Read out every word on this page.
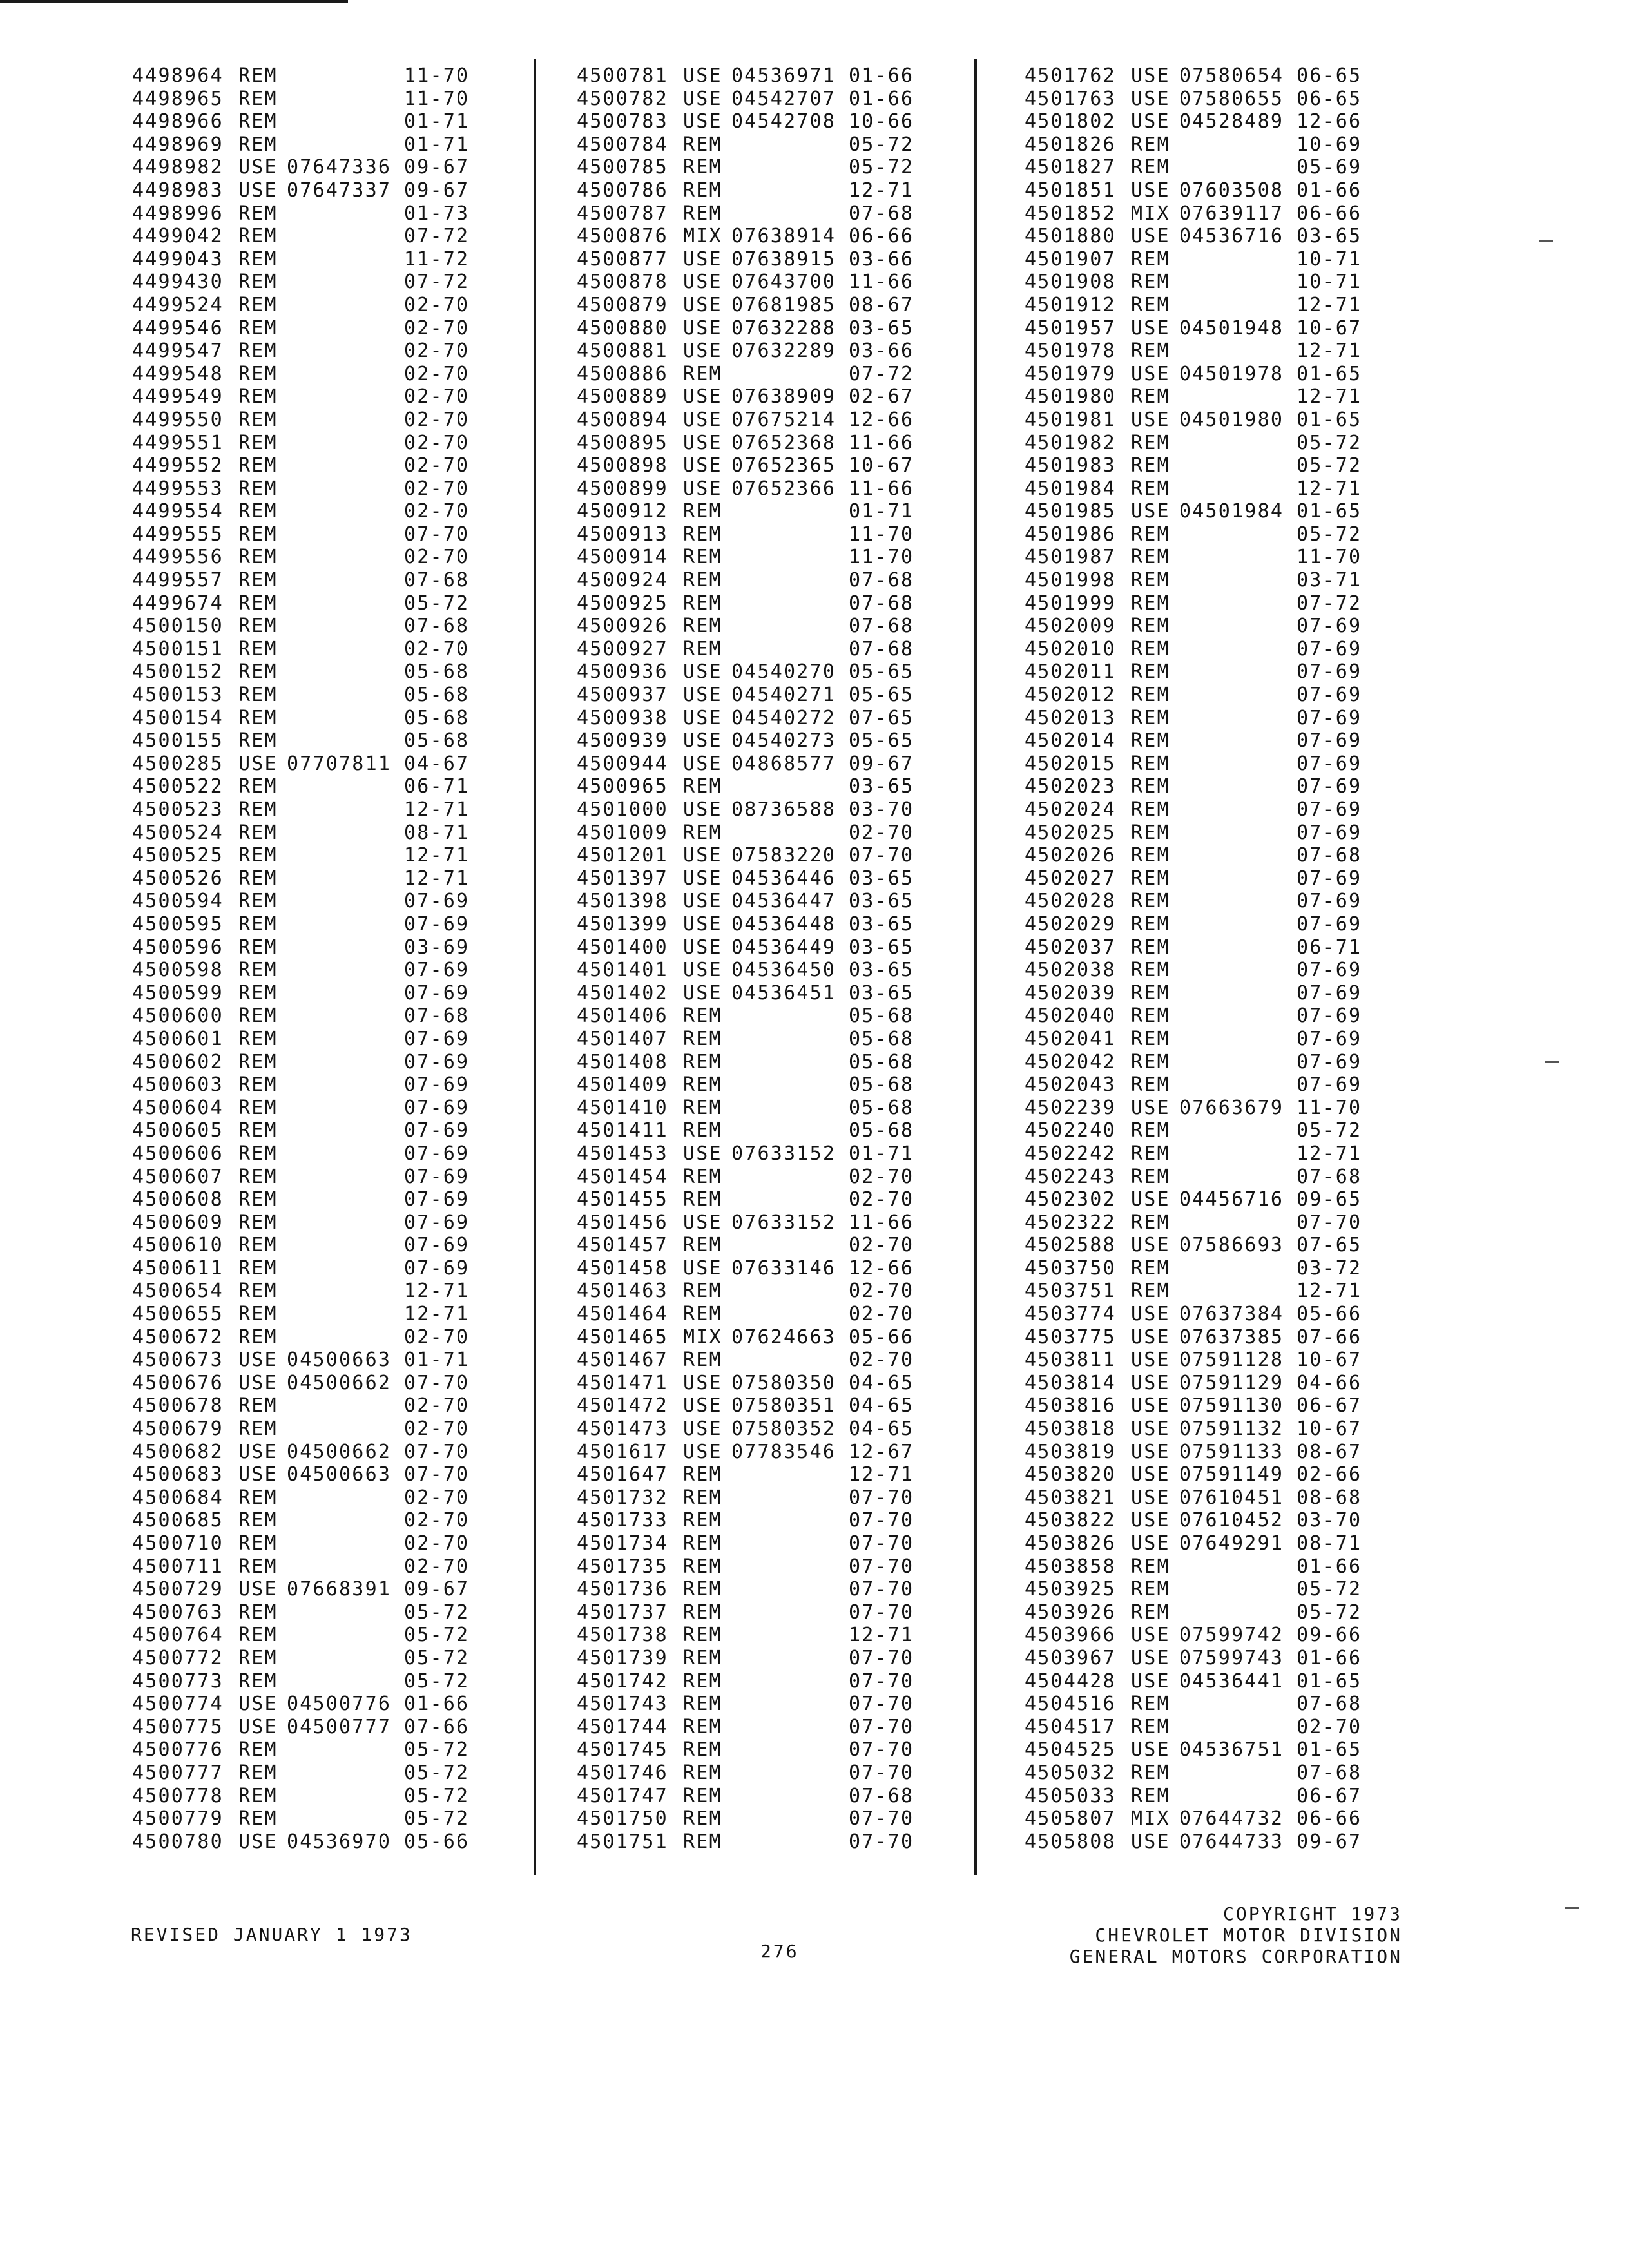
4498964 REM	11-70
4498965 REM	11-70
4498966 REM	01-71
4498969 REM	01-71
4498982 USE 07647336 09-67
4498983 USE 07647337 09-67
4498996 REM	01-73
4499042 REM	07-72
4499043 REM	11-72
4499430 REM	07-72
4499524 REM	02-70
4499546 REM	02-70
4499547 REM	02-70
4499548 REM	02-70
4499549 REM	02-70
4499550 REM	02-70
4499551 REM	02-70
4499552 REM	02-70
4499553 REM	02-70
4499554 REM	02-70
4499555 REM	07-70
4499556 REM	02-70
4499557 REM	07-68
4499674 REM	05-72
4500150 REM	07-68
4500151 REM	02-70
4500152 REM	05-68
4500153 REM	05-68
4500154 REM	05-68
4500155 REM	05-68
4500285 USE 07707811 04-67
4500522 REM	06-71
4500523 REM	12-71
4500524 REM	08-71
4500525 REM	12-71
4500526 REM	12-71
4500594 REM	07-69
4500595 REM	07-69
4500596 REM	03-69
4500598 REM	07-69
4500599 REM	07-69
4500600 REM	07-68
4500601 REM	07-69
4500602 REM	07-69
4500603 REM	07-69
4500604 REM	07-69
4500605 REM	07-69
4500606 REM	07-69
4500607 REM	07-69
4500608 REM	07-69
4500609 REM	07-69
4500610 REM	07-69
4500611 REM	07-69
4500654 REM	12-71
4500655 REM	12-71
4500672 REM	02-70
4500673 USE 04500663 01-71
4500676 USE 04500662 07-70
4500678 REM	02-70
4500679 REM	02-70
4500682 USE 04500662 07-70
4500683 USE 04500663 07-70
4500684 REM	02-70
4500685 REM	02-70
4500710 REM	02-70
4500711 REM	02-70
4500729 USE 07668391 09-67
4500763 REM	05-72
4500764 REM	05-72
4500772 REM	05-72
4500773 REM	05-72
4500774 USE 04500776 01-66
4500775 USE 04500777 07-66
4500776 REM	05-72
4500777 REM	05-72
4500778 REM	05-72
4500779 REM	05-72
4500780 USE 04536970 05-66
4500781 USE 04536971 01-66
4500782 USE 04542707 01-66
4500783 USE 04542708 10-66
4500784 REM	05-72
4500785 REM	05-72
4500786 REM	12-71
4500787 REM	07-68
4500876 MIX 07638914 06-66
4500877 USE 07638915 03-66
4500878 USE 07643700 11-66
4500879 USE 07681985 08-67
4500880 USE 07632288 03-65
4500881 USE 07632289 03-66
4500886 REM	07-72
4500889 USE 07638909 02-67
4500894 USE 07675214 12-66
4500895 USE 07652368 11-66
4500898 USE 07652365 10-67
4500899 USE 07652366 11-66
4500912 REM	01-71
4500913 REM	11-70
4500914 REM	11-70
4500924 REM	07-68
4500925 REM	07-68
4500926 REM	07-68
4500927 REM	07-68
4500936 USE 04540270 05-65
4500937 USE 04540271 05-65
4500938 USE 04540272 07-65
4500939 USE 04540273 05-65
4500944 USE 04868577 09-67
4500965 REM	03-65
4501000 USE 08736588 03-70
4501009 REM	02-70
4501201 USE 07583220 07-70
4501397 USE 04536446 03-65
4501398 USE 04536447 03-65
4501399 USE 04536448 03-65
4501400 USE 04536449 03-65
4501401 USE 04536450 03-65
4501402 USE 04536451 03-65
4501406 REM	05-68
4501407 REM	05-68
4501408 REM	05-68
4501409 REM	05-68
4501410 REM	05-68
4501411 REM	05-68
4501453 USE 07633152 01-71
4501454 REM	02-70
4501455 REM	02-70
4501456 USE 07633152 11-66
4501457 REM	02-70
4501458 USE 07633146 12-66
4501463 REM	02-70
4501464 REM	02-70
4501465 MIX 07624663 05-66
4501467 REM	02-70
4501471 USE 07580350 04-65
4501472 USE 07580351 04-65
4501473 USE 07580352 04-65
4501617 USE 07783546 12-67
4501647 REM	12-71
4501732 REM	07-70
4501733 REM	07-70
4501734 REM	07-70
4501735 REM	07-70
4501736 REM	07-70
4501737 REM	07-70
4501738 REM	12-71
4501739 REM	07-70
4501742 REM	07-70
4501743 REM	07-70
4501744 REM	07-70
4501745 REM	07-70
4501746 REM	07-70
4501747 REM	07-68
4501750 REM	07-70
4501751 REM	07-70
4501762 USE 07580654 06-65
4501763 USE 07580655 06-65
4501802 USE 04528489 12-66
4501826 REM	10-69
4501827 REM	05-69
4501851 USE 07603508 01-66
4501852 MIX 07639117 06-66
4501880 USE 04536716 03-65
4501907 REM	10-71
4501908 REM	10-71
4501912 REM	12-71
4501957 USE 04501948 10-67
4501978 REM	12-71
4501979 USE 04501978 01-65
4501980 REM	12-71
4501981 USE 04501980 01-65
4501982 REM	05-72
4501983 REM	05-72
4501984 REM	12-71
4501985 USE 04501984 01-65
4501986 REM	05-72
4501987 REM	11-70
4501998 REM	03-71
4501999 REM	07-72
4502009 REM	07-69
4502010 REM	07-69
4502011 REM	07-69
4502012 REM	07-69
4502013 REM	07-69
4502014 REM	07-69
4502015 REM	07-69
4502023 REM	07-69
4502024 REM	07-69
4502025 REM	07-69
4502026 REM	07-68
4502027 REM	07-69
4502028 REM	07-69
4502029 REM	07-69
4502037 REM	06-71
4502038 REM	07-69
4502039 REM	07-69
4502040 REM	07-69
4502041 REM	07-69
4502042 REM	07-69
4502043 REM	07-69
4502239 USE 07663679 11-70
4502240 REM	05-72
4502242 REM	12-71
4502243 REM	07-68
4502302 USE 04456716 09-65
4502322 REM	07-70
4502588 USE 07586693 07-65
4503750 REM	03-72
4503751 REM	12-71
4503774 USE 07637384 05-66
4503775 USE 07637385 07-66
4503811 USE 07591128 10-67
4503814 USE 07591129 04-66
4503816 USE 07591130 06-67
4503818 USE 07591132 10-67
4503819 USE 07591133 08-67
4503820 USE 07591149 02-66
4503821 USE 07610451 08-68
4503822 USE 07610452 03-70
4503826 USE 07649291 08-71
4503858 REM	01-66
4503925 REM	05-72
4503926 REM	05-72
4503966 USE 07599742 09-66
4503967 USE 07599743 01-66
4504428 USE 04536441 01-65
4504516 REM	07-68
4504517 REM	02-70
4504525 USE 04536751 01-65
4505032 REM	07-68
4505033 REM	06-67
4505807 MIX 07644732 06-66
4505808 USE 07644733 09-67
REVISED JANUARY 1 1973
276
COPYRIGHT 1973
CHEVROLET MOTOR DIVISION
GENERAL MOTORS CORPORATION
